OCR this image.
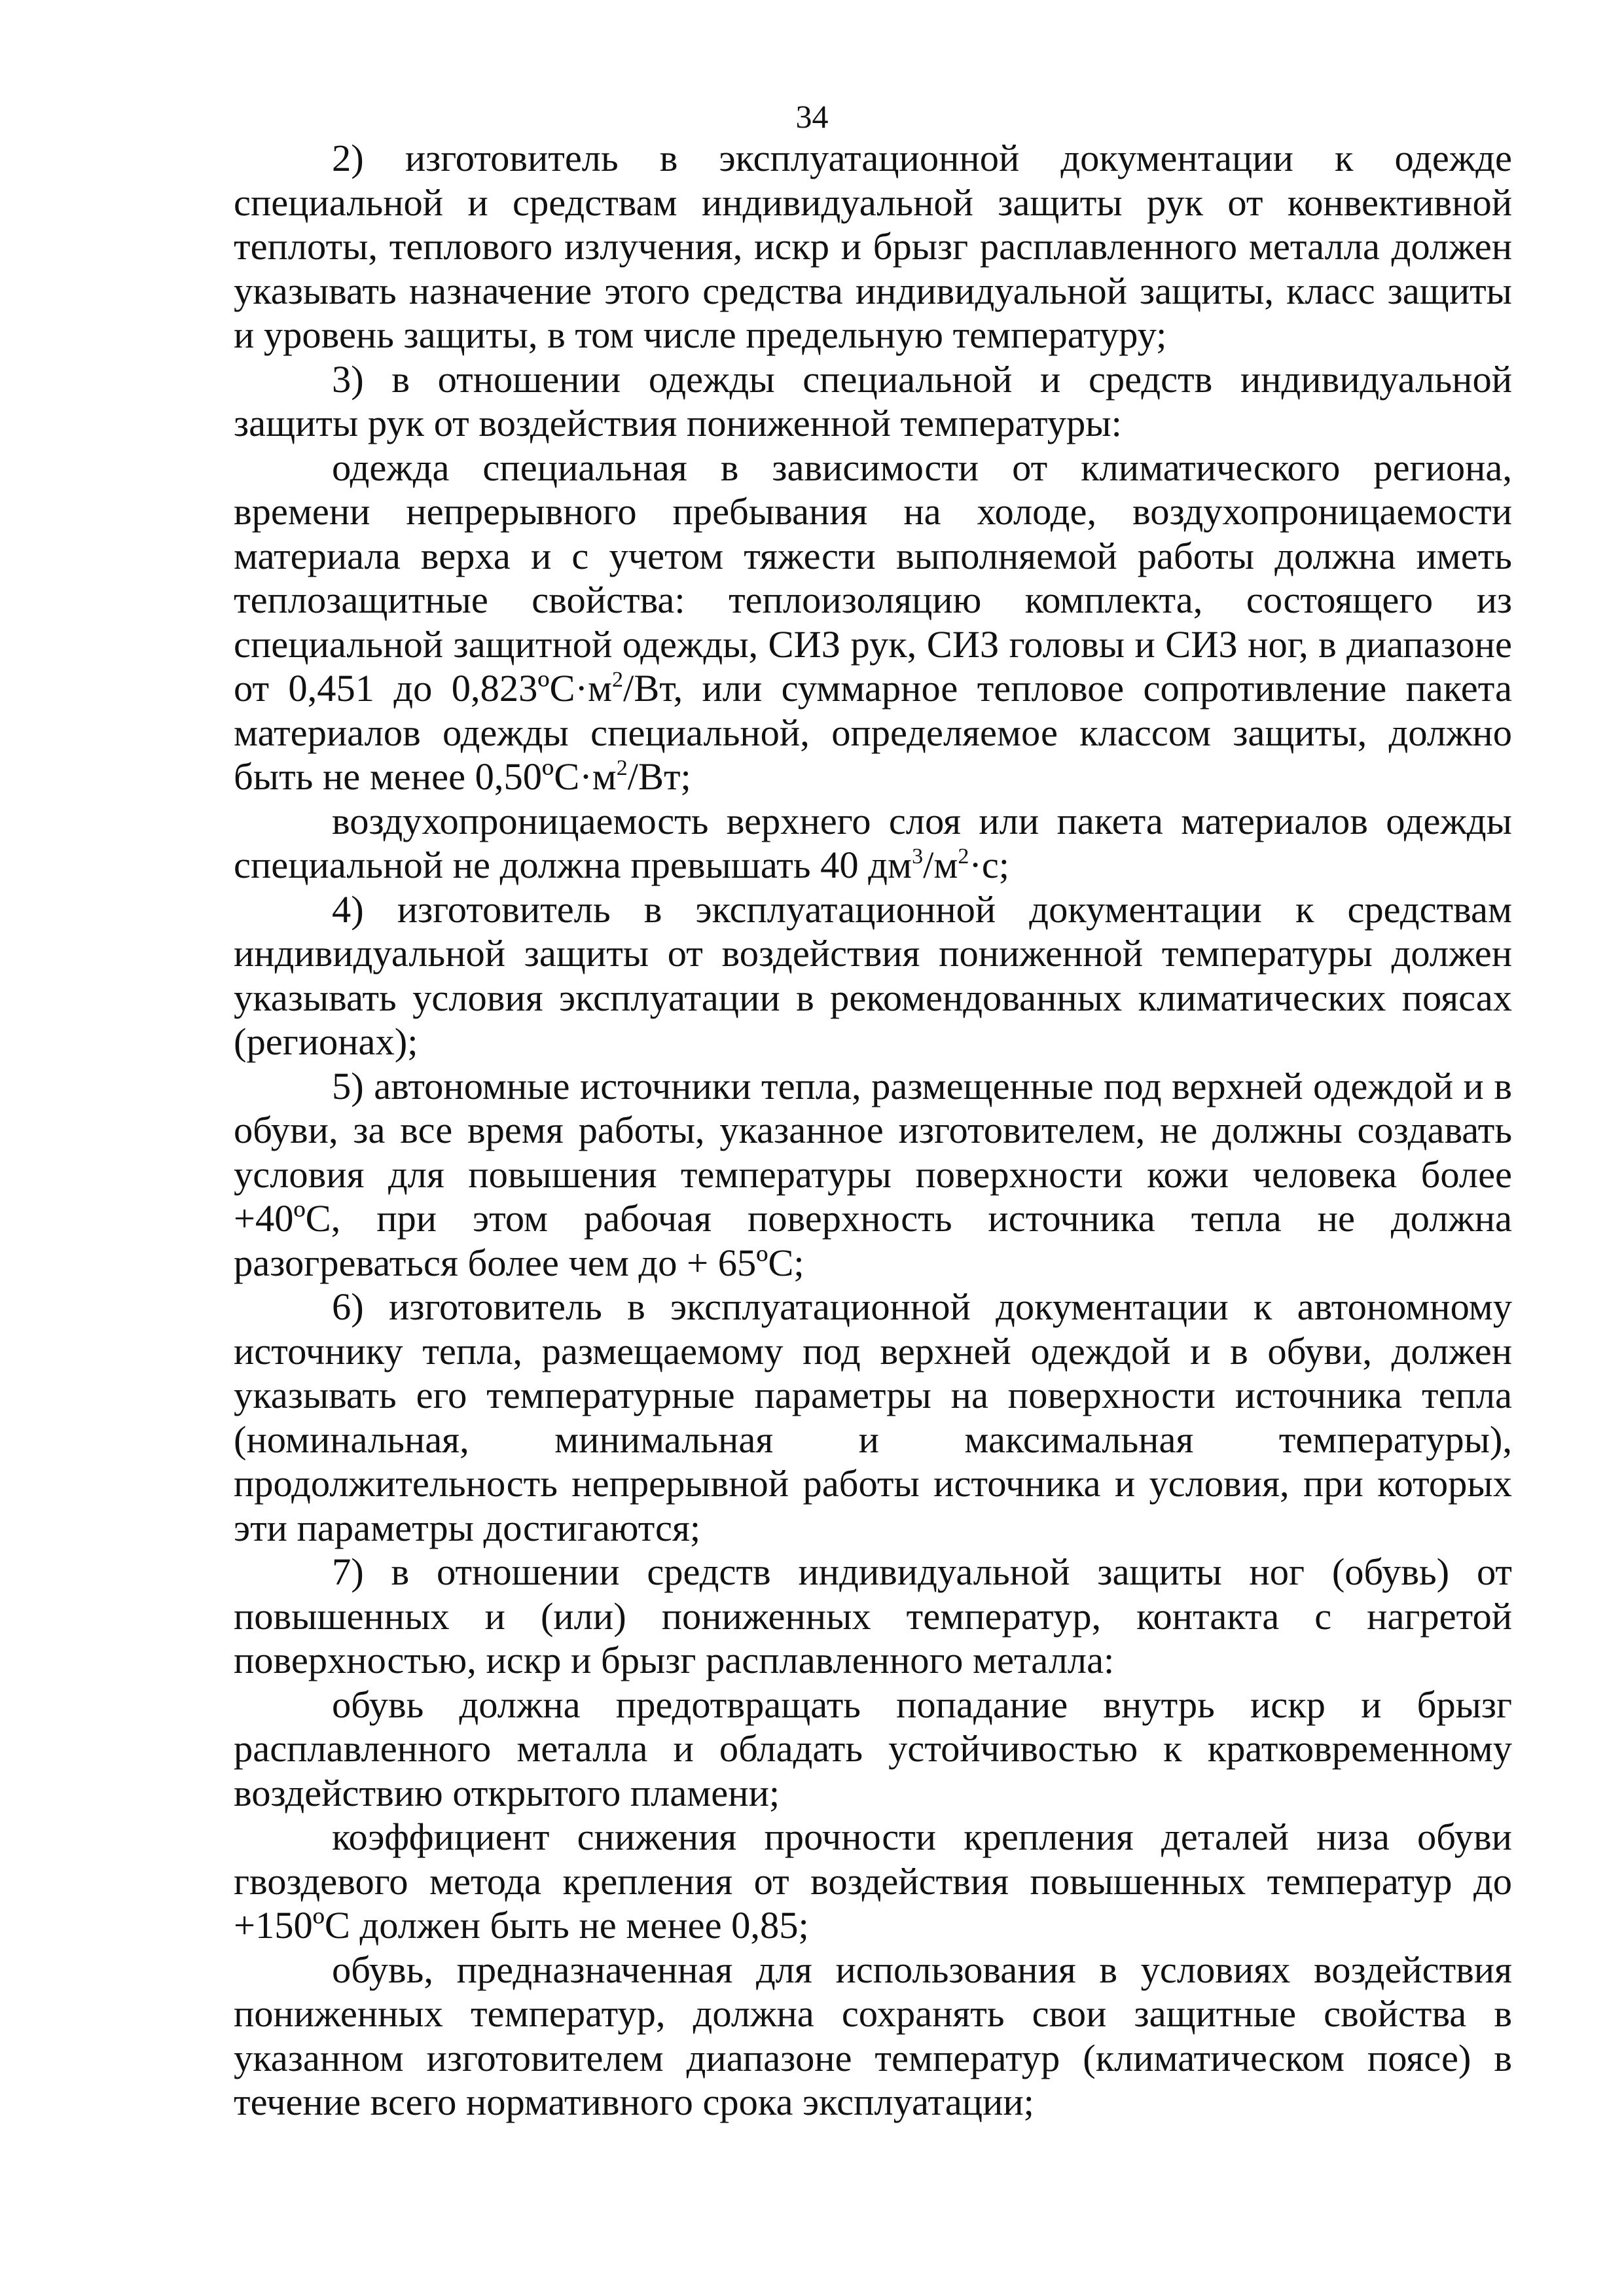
34

2) изготовитель в эксплуатационной документации к одежде специальной и средствам индивидуальной защиты рук от конвективной теплоты, теплового излучения, искр и брызг расплавленного металла должен указывать назначение этого средства индивидуальной защиты, класс защиты и уровень защиты, в том числе предельную температуру;

3) в отношении одежды специальной и средств индивидуальной защиты рук от воздействия пониженной температуры:

одежда специальная в зависимости от климатического региона, времени непрерывного пребывания на холоде, воздухопроницаемости материала верха и с учетом тяжести выполняемой работы должна иметь теплозащитные свойства: теплоизоляцию комплекта, состоящего из специальной защитной одежды, СИЗ рук, СИЗ головы и СИЗ ног, в диапазоне от 0,451 до $0,823ºС\cdot м^2/Вт$, или суммарное тепловое сопротивление пакета материалов одежды специальной, определяемое классом защиты, должно быть не менее $0,50ºС\cdot м^2/Вт$;

воздухопроницаемость верхнего слоя или пакета материалов одежды специальной не должна превышать 40 $дм^3/м^2\cdot с$;

4) изготовитель в эксплуатационной документации к средствам индивидуальной защиты от воздействия пониженной температуры должен указывать условия эксплуатации в рекомендованных климатических поясах (регионах);

5) автономные источники тепла, размещенные под верхней одеждой и в обуви, за все время работы, указанное изготовителем, не должны создавать условия для повышения температуры поверхности кожи человека более +40ºС, при этом рабочая поверхность источника тепла не должна разогреваться более чем до + 65ºС;

6) изготовитель в эксплуатационной документации к автономному источнику тепла, размещаемому под верхней одеждой и в обуви, должен указывать его температурные параметры на поверхности источника тепла (номинальная, минимальная и максимальная температуры), продолжительность непрерывной работы источника и условия, при которых эти параметры достигаются;

7) в отношении средств индивидуальной защиты ног (обувь) от повышенных и (или) пониженных температур, контакта с нагретой поверхностью, искр и брызг расплавленного металла:

обувь должна предотвращать попадание внутрь искр и брызг расплавленного металла и обладать устойчивостью к кратковременному воздействию открытого пламени;

коэффициент снижения прочности крепления деталей низа обуви гвоздевого метода крепления от воздействия повышенных температур до +150ºС должен быть не менее 0,85;

обувь, предназначенная для использования в условиях воздействия пониженных температур, должна сохранять свои защитные свойства в указанном изготовителем диапазоне температур (климатическом поясе) в течение всего нормативного срока эксплуатации;
